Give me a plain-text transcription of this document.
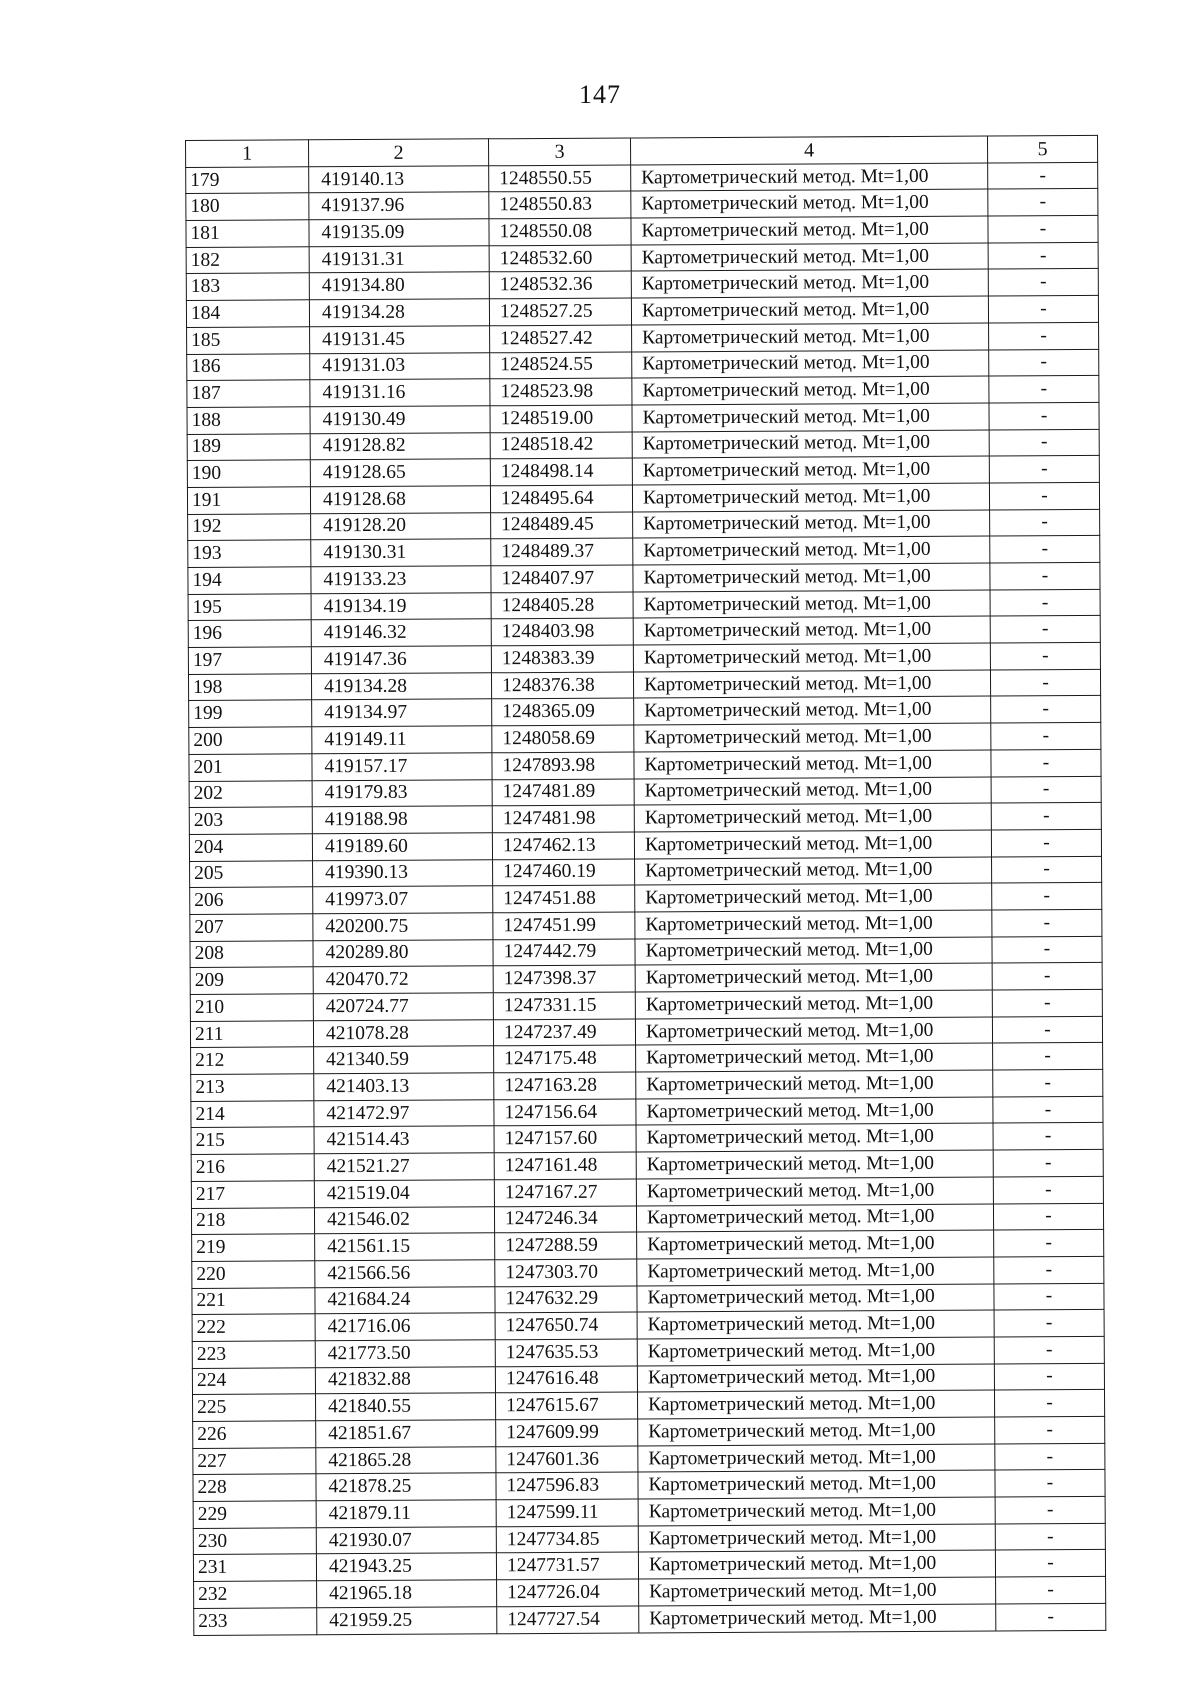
147
1	2	3	4	5
179	419140.13	1248550.55	Картометрический метод. Mt=1,00	-
180	419137.96	1248550.83	Картометрический метод. Mt=1,00	-
181	419135.09	1248550.08	Картометрический метод. Mt=1,00	-
182	419131.31	1248532.60	Картометрический метод. Mt=1,00	-
183	419134.80	1248532.36	Картометрический метод. Mt=1,00	-
184	419134.28	1248527.25	Картометрический метод. Mt=1,00	-
185	419131.45	1248527.42	Картометрический метод. Mt=1,00	-
186	419131.03	1248524.55	Картометрический метод. Mt=1,00	-
187	419131.16	1248523.98	Картометрический метод. Mt=1,00	-
188	419130.49	1248519.00	Картометрический метод. Mt=1,00	-
189	419128.82	1248518.42	Картометрический метод. Mt=1,00	-
190	419128.65	1248498.14	Картометрический метод. Mt=1,00	-
191	419128.68	1248495.64	Картометрический метод. Mt=1,00	-
192	419128.20	1248489.45	Картометрический метод. Mt=1,00	-
193	419130.31	1248489.37	Картометрический метод. Mt=1,00	-
194	419133.23	1248407.97	Картометрический метод. Mt=1,00	-
195	419134.19	1248405.28	Картометрический метод. Mt=1,00	-
196	419146.32	1248403.98	Картометрический метод. Mt=1,00	-
197	419147.36	1248383.39	Картометрический метод. Mt=1,00	-
198	419134.28	1248376.38	Картометрический метод. Mt=1,00	-
199	419134.97	1248365.09	Картометрический метод. Mt=1,00	-
200	419149.11	1248058.69	Картометрический метод. Mt=1,00	-
201	419157.17	1247893.98	Картометрический метод. Mt=1,00	-
202	419179.83	1247481.89	Картометрический метод. Mt=1,00	-
203	419188.98	1247481.98	Картометрический метод. Mt=1,00	-
204	419189.60	1247462.13	Картометрический метод. Mt=1,00	-
205	419390.13	1247460.19	Картометрический метод. Mt=1,00	-
206	419973.07	1247451.88	Картометрический метод. Mt=1,00	-
207	420200.75	1247451.99	Картометрический метод. Mt=1,00	-
208	420289.80	1247442.79	Картометрический метод. Mt=1,00	-
209	420470.72	1247398.37	Картометрический метод. Mt=1,00	-
210	420724.77	1247331.15	Картометрический метод. Mt=1,00	-
211	421078.28	1247237.49	Картометрический метод. Mt=1,00	-
212	421340.59	1247175.48	Картометрический метод. Mt=1,00	-
213	421403.13	1247163.28	Картометрический метод. Mt=1,00	-
214	421472.97	1247156.64	Картометрический метод. Mt=1,00	-
215	421514.43	1247157.60	Картометрический метод. Mt=1,00	-
216	421521.27	1247161.48	Картометрический метод. Mt=1,00	-
217	421519.04	1247167.27	Картометрический метод. Mt=1,00	-
218	421546.02	1247246.34	Картометрический метод. Mt=1,00	-
219	421561.15	1247288.59	Картометрический метод. Mt=1,00	-
220	421566.56	1247303.70	Картометрический метод. Mt=1,00	-
221	421684.24	1247632.29	Картометрический метод. Mt=1,00	-
222	421716.06	1247650.74	Картометрический метод. Mt=1,00	-
223	421773.50	1247635.53	Картометрический метод. Mt=1,00	-
224	421832.88	1247616.48	Картометрический метод. Mt=1,00	-
225	421840.55	1247615.67	Картометрический метод. Mt=1,00	-
226	421851.67	1247609.99	Картометрический метод. Mt=1,00	-
227	421865.28	1247601.36	Картометрический метод. Mt=1,00	-
228	421878.25	1247596.83	Картометрический метод. Mt=1,00	-
229	421879.11	1247599.11	Картометрический метод. Mt=1,00	-
230	421930.07	1247734.85	Картометрический метод. Mt=1,00	-
231	421943.25	1247731.57	Картометрический метод. Mt=1,00	-
232	421965.18	1247726.04	Картометрический метод. Mt=1,00	-
233	421959.25	1247727.54	Картометрический метод. Mt=1,00	-
